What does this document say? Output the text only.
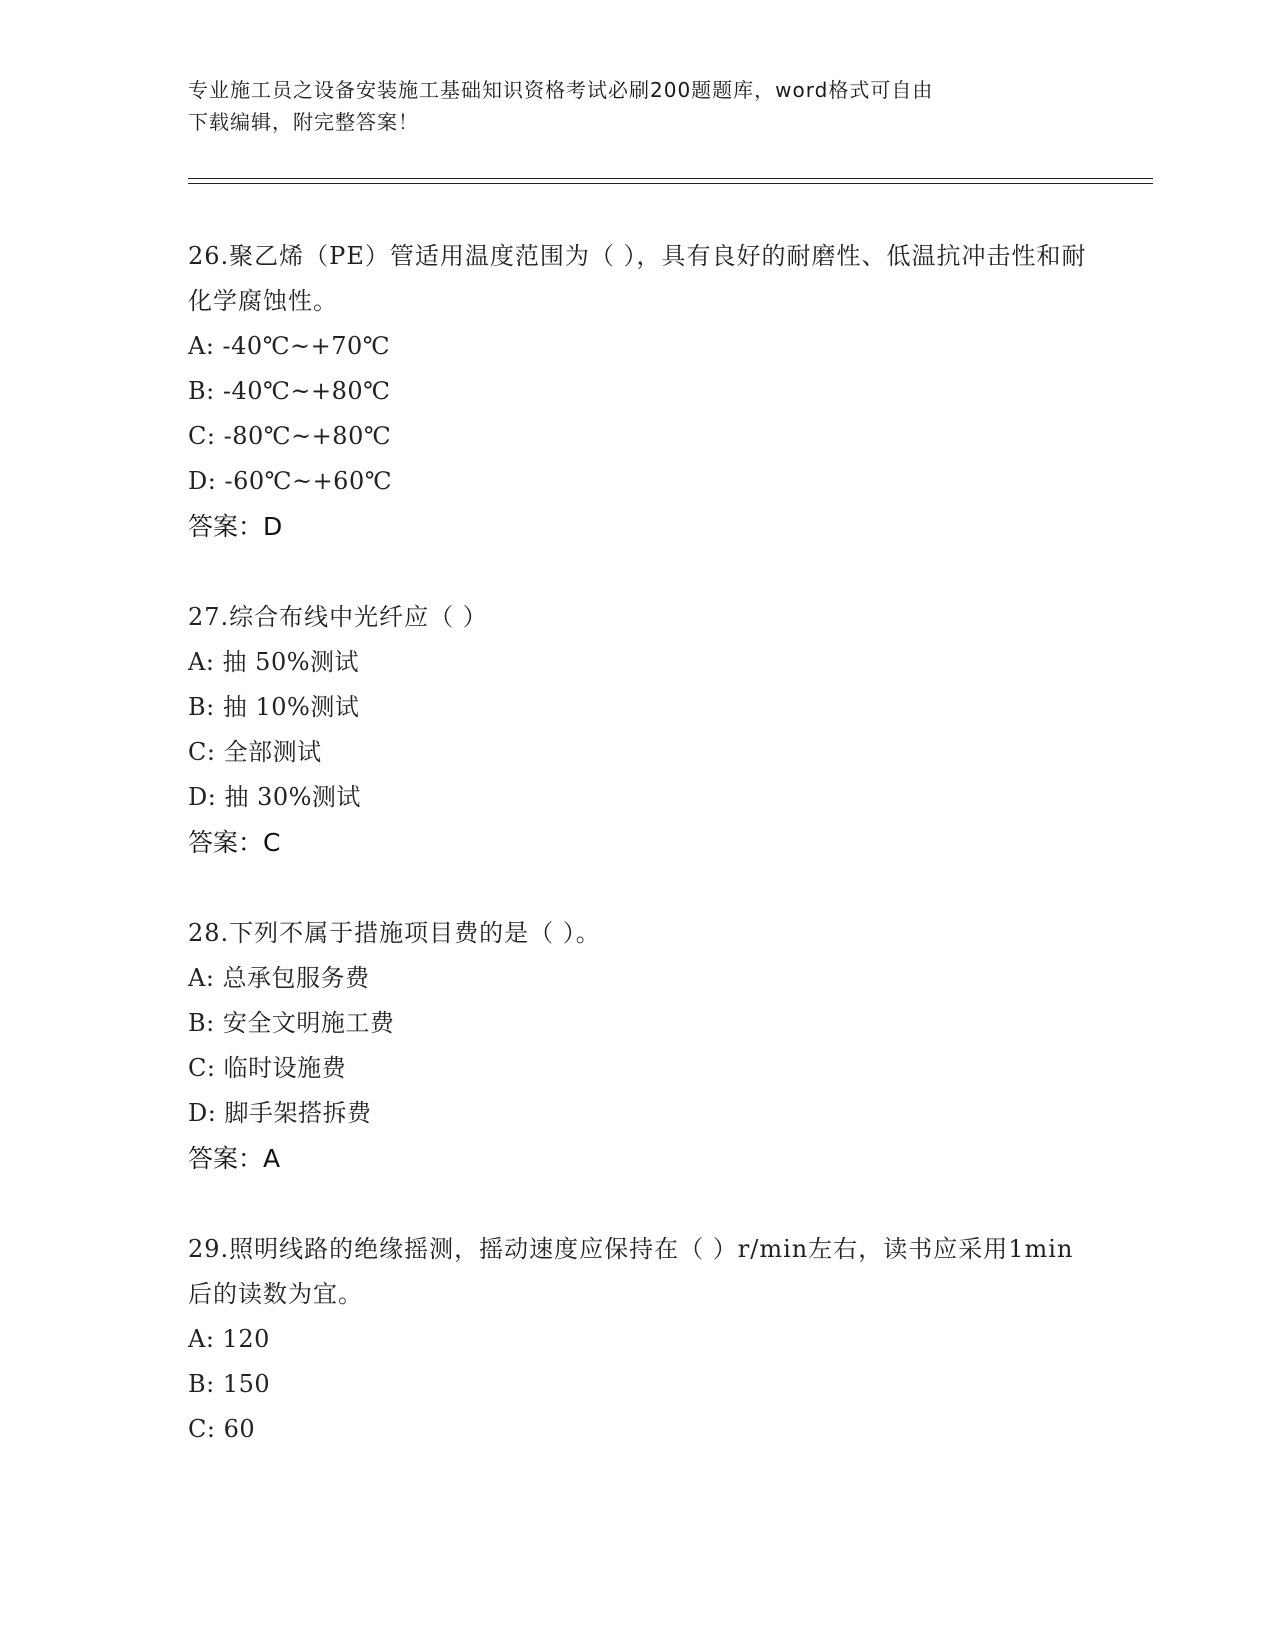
专业施工员之设备安装施工基础知识资格考试必刷200题题库，word格式可自由
下载编辑，附完整答案！
26.聚乙烯（PE）管适用温度范围为（ ），具有良好的耐磨性、低温抗冲击性和耐化学腐蚀性。
A: -40℃~+70℃
B: -40℃~+80℃
C: -80℃~+80℃
D: -60℃~+60℃
答案：D
27.综合布线中光纤应（ ）
A: 抽 50%测试
B: 抽 10%测试
C: 全部测试
D: 抽 30%测试
答案：C
28.下列不属于措施项目费的是（ ）。
A: 总承包服务费
B: 安全文明施工费
C: 临时设施费
D: 脚手架搭拆费
答案：A
29.照明线路的绝缘摇测，摇动速度应保持在（ ）r/min左右，读书应采用1min后的读数为宜。
A: 120
B: 150
C: 60
